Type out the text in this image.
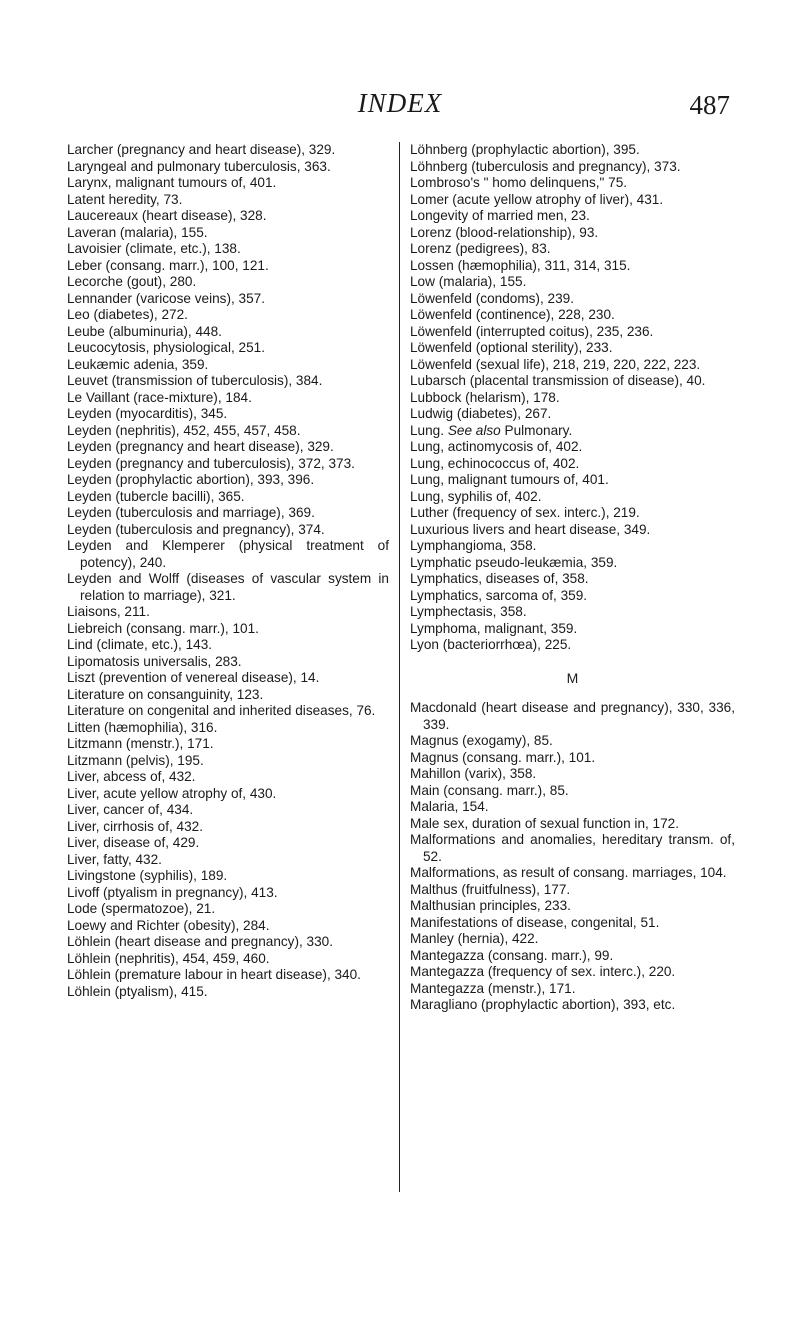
INDEX	487

Larcher (pregnancy and heart disease), 329.

Laryngeal and pulmonary tuberculosis, 363.

Larynx, malignant tumours of, 401.

Latent heredity, 73.

Laucereaux (heart disease), 328.

Laveran (malaria), 155.

Lavoisier (climate, etc.), 138.

Leber (consang. marr.), 100, 121.

Lecorche (gout), 280.

Lennander (varicose veins), 357.

Leo (diabetes), 272.

Leube (albuminuria), 448.

Leucocytosis, physiological, 251.

Leukæmic adenia, 359.

Leuvet (transmission of tuberculosis), 384.

Le Vaillant (race-mixture), 184.

Leyden (myocarditis), 345.

Leyden (nephritis), 452, 455, 457, 458.

Leyden (pregnancy and heart disease), 329.

Leyden (pregnancy and tuberculosis), 372, 373.

Leyden (prophylactic abortion), 393, 396.

Leyden (tubercle bacilli), 365.

Leyden (tuberculosis and marriage), 369.

Leyden (tuberculosis and pregnancy), 374.

Leyden and Klemperer (physical treatment of potency), 240.

Leyden and Wolff (diseases of vascular system in relation to marriage), 321.

Liaisons, 211.

Liebreich (consang. marr.), 101.

Lind (climate, etc.), 143.

Lipomatosis universalis, 283.

Liszt (prevention of venereal disease), 14.

Literature on consanguinity, 123.

Literature on congenital and inherited diseases, 76.

Litten (hæmophilia), 316.

Litzmann (menstr.), 171.

Litzmann (pelvis), 195.

Liver, abcess of, 432.

Liver, acute yellow atrophy of, 430.

Liver, cancer of, 434.

Liver, cirrhosis of, 432.

Liver, disease of, 429.

Liver, fatty, 432.

Livingstone (syphilis), 189.

Livoff (ptyalism in pregnancy), 413.

Lode (spermatozoe), 21.

Loewy and Richter (obesity), 284.

Löhlein (heart disease and pregnancy), 330.

Löhlein (nephritis), 454, 459, 460.

Löhlein (premature labour in heart disease), 340.

Löhlein (ptyalism), 415.

Löhnberg (prophylactic abortion), 395.

Löhnberg (tuberculosis and pregnancy), 373.

Lombroso's " homo delinquens," 75.

Lomer (acute yellow atrophy of liver), 431.

Longevity of married men, 23.

Lorenz (blood-relationship), 93.

Lorenz (pedigrees), 83.

Lossen (hæmophilia), 311, 314, 315.

Low (malaria), 155.

Löwenfeld (condoms), 239.

Löwenfeld (continence), 228, 230.

Löwenfeld (interrupted coitus), 235, 236.

Löwenfeld (optional sterility), 233.

Löwenfeld (sexual life), 218, 219, 220, 222, 223.

Lubarsch (placental transmission of disease), 40.

Lubbock (helarism), 178.

Ludwig (diabetes), 267.

Lung. See also Pulmonary.

Lung, actinomycosis of, 402.

Lung, echinococcus of, 402.

Lung, malignant tumours of, 401.

Lung, syphilis of, 402.

Luther (frequency of sex. interc.), 219.

Luxurious livers and heart disease, 349.

Lymphangioma, 358.

Lymphatic pseudo-leukæmia, 359.

Lymphatics, diseases of, 358.

Lymphatics, sarcoma of, 359.

Lymphectasis, 358.

Lymphoma, malignant, 359.

Lyon (bacteriorrhœa), 225.

M

Macdonald (heart disease and pregnancy), 330, 336, 339.

Magnus (exogamy), 85.

Magnus (consang. marr.), 101.

Mahillon (varix), 358.

Main (consang. marr.), 85.

Malaria, 154.

Male sex, duration of sexual function in, 172.

Malformations and anomalies, hereditary transm. of, 52.

Malformations, as result of consang. marriages, 104.

Malthus (fruitfulness), 177.

Malthusian principles, 233.

Manifestations of disease, congenital, 51.

Manley (hernia), 422.

Mantegazza (consang. marr.), 99.

Mantegazza (frequency of sex. interc.), 220.

Mantegazza (menstr.), 171.

Maragliano (prophylactic abortion), 393, etc.
